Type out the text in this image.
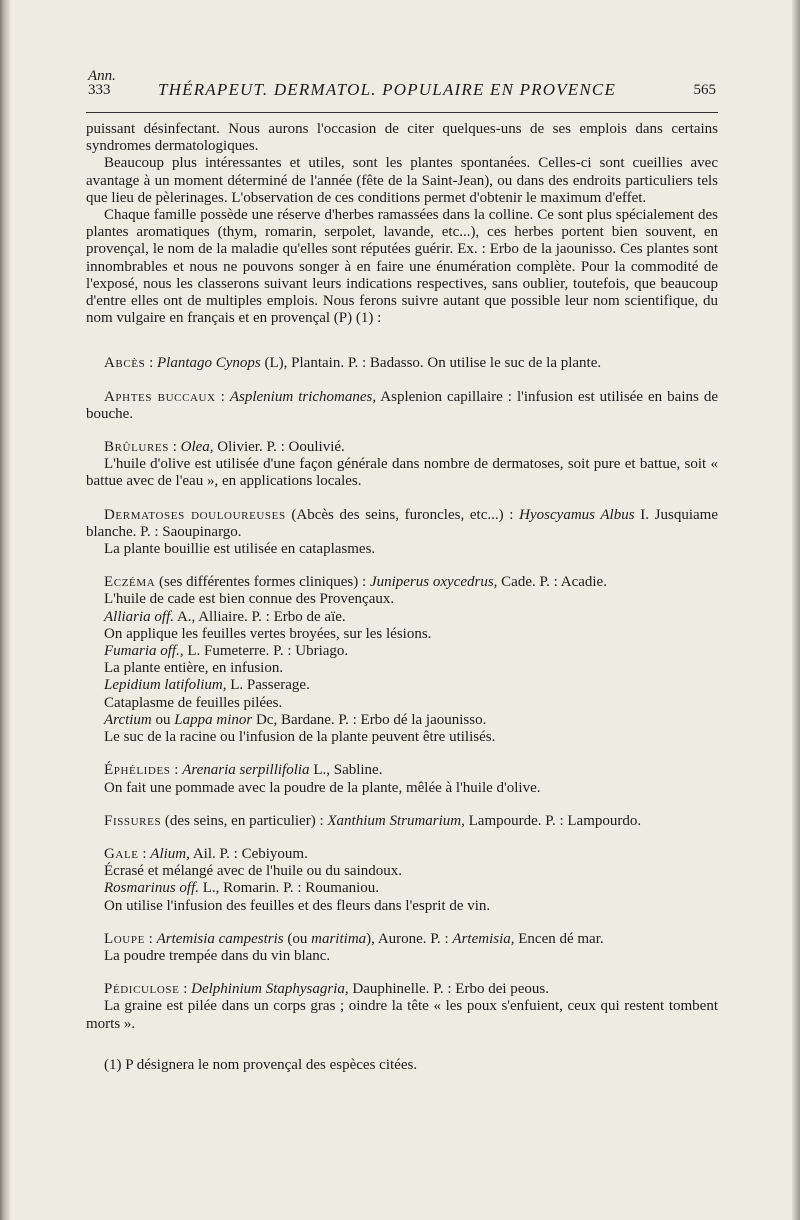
Ann.
333	THÉRAPEUT. DERMATOL. POPULAIRE EN PROVENCE	565

puissant désinfectant. Nous aurons l'occasion de citer quelques-uns de ses emplois dans certains syndromes dermatologiques.

Beaucoup plus intéressantes et utiles, sont les plantes spontanées. Celles-ci sont cueillies avec avantage à un moment déterminé de l'année (fête de la Saint-Jean), ou dans des endroits particuliers tels que lieu de pèlerinages. L'observation de ces conditions permet d'obtenir le maximum d'effet.

Chaque famille possède une réserve d'herbes ramassées dans la colline. Ce sont plus spécialement des plantes aromatiques (thym, romarin, serpolet, lavande, etc...), ces herbes portent bien souvent, en provençal, le nom de la maladie qu'elles sont réputées guérir. Ex. : Erbo de la jaounisso. Ces plantes sont innombrables et nous ne pouvons songer à en faire une énumération complète. Pour la commodité de l'exposé, nous les classerons suivant leurs indications respectives, sans oublier, toutefois, que beaucoup d'entre elles ont de multiples emplois. Nous ferons suivre autant que possible leur nom scientifique, du nom vulgaire en français et en provençal (P) (1) :

Abcès : Plantago Cynops (L), Plantain. P. : Badasso. On utilise le suc de la plante.

Aphtes buccaux : Asplenium trichomanes, Asplenion capillaire : l'infusion est utilisée en bains de bouche.

Brûlures : Olea, Olivier. P. : Ooulivié.

L'huile d'olive est utilisée d'une façon générale dans nombre de dermatoses, soit pure et battue, soit « battue avec de l'eau », en applications locales.

Dermatoses douloureuses (Abcès des seins, furoncles, etc...) : Hyoscyamus Albus I. Jusquiame blanche. P. : Saoupinargo.

La plante bouillie est utilisée en cataplasmes.

Eczéma (ses différentes formes cliniques) : Juniperus oxycedrus, Cade. P. : Acadie.

L'huile de cade est bien connue des Provençaux.

Alliaria off. A., Alliaire. P. : Erbo de aïe.

On applique les feuilles vertes broyées, sur les lésions.

Fumaria off., L. Fumeterre. P. : Ubriago.

La plante entière, en infusion.

Lepidium latifolium, L. Passerage.

Cataplasme de feuilles pilées.

Arctium ou Lappa minor Dc, Bardane. P. : Erbo dé la jaounisso.

Le suc de la racine ou l'infusion de la plante peuvent être utilisés.

Éphélides : Arenaria serpillifolia L., Sabline.

On fait une pommade avec la poudre de la plante, mêlée à l'huile d'olive.

Fissures (des seins, en particulier) : Xanthium Strumarium, Lampourde. P. : Lampourdo.

Gale : Alium, Ail. P. : Cebiyoum.

Écrasé et mélangé avec de l'huile ou du saindoux.

Rosmarinus off. L., Romarin. P. : Roumaniou.

On utilise l'infusion des feuilles et des fleurs dans l'esprit de vin.

Loupe : Artemisia campestris (ou maritima), Aurone. P. : Artemisia, Encen dé mar.

La poudre trempée dans du vin blanc.

Pédiculose : Delphinium Staphysagria, Dauphinelle. P. : Erbo dei peous.

La graine est pilée dans un corps gras ; oindre la tête « les poux s'enfuient, ceux qui restent tombent morts ».

(1) P désignera le nom provençal des espèces citées.
